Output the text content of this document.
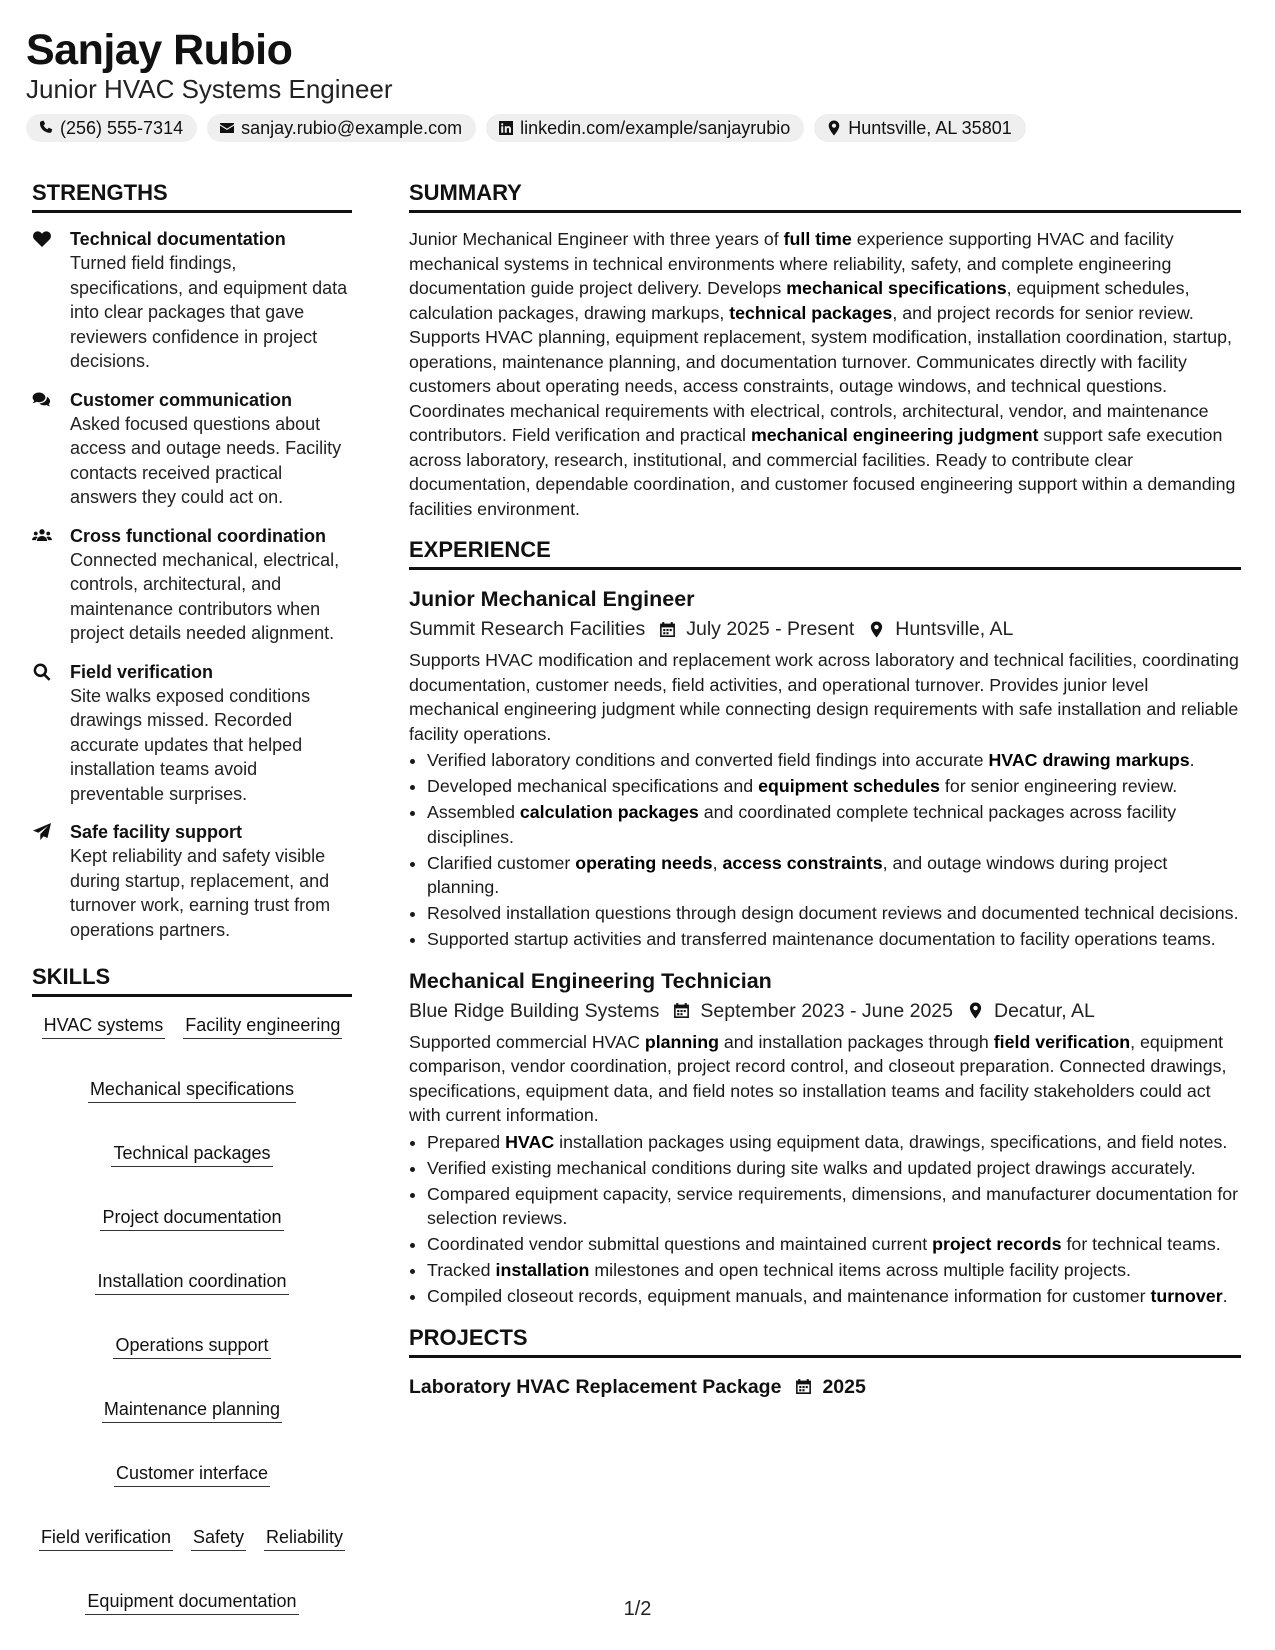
Sanjay Rubio
Junior HVAC Systems Engineer
(256) 555-7314	sanjay.rubio@example.com	linkedin.com/example/sanjayrubio	Huntsville, AL 35801
STRENGTHS
Technical documentation
Turned field findings, specifications, and equipment data into clear packages that gave reviewers confidence in project decisions.
Customer communication
Asked focused questions about access and outage needs. Facility contacts received practical answers they could act on.
Cross functional coordination
Connected mechanical, electrical, controls, architectural, and maintenance contributors when project details needed alignment.
Field verification
Site walks exposed conditions drawings missed. Recorded accurate updates that helped installation teams avoid preventable surprises.
Safe facility support
Kept reliability and safety visible during startup, replacement, and turnover work, earning trust from operations partners.
SKILLS
HVAC systems Facility engineering
Mechanical specifications
Technical packages
Project documentation
Installation coordination
Operations support
Maintenance planning
Customer interface
Field verification Safety Reliability
Equipment documentation
SUMMARY
Junior Mechanical Engineer with three years of full time experience supporting HVAC and facility mechanical systems in technical environments where reliability, safety, and complete engineering documentation guide project delivery. Develops mechanical specifications, equipment schedules, calculation packages, drawing markups, technical packages, and project records for senior review. Supports HVAC planning, equipment replacement, system modification, installation coordination, startup, operations, maintenance planning, and documentation turnover. Communicates directly with facility customers about operating needs, access constraints, outage windows, and technical questions. Coordinates mechanical requirements with electrical, controls, architectural, vendor, and maintenance contributors. Field verification and practical mechanical engineering judgment support safe execution across laboratory, research, institutional, and commercial facilities. Ready to contribute clear documentation, dependable coordination, and customer focused engineering support within a demanding facilities environment.
EXPERIENCE
Junior Mechanical Engineer
Summit Research Facilities July 2025 - Present Huntsville, AL
Supports HVAC modification and replacement work across laboratory and technical facilities, coordinating documentation, customer needs, field activities, and operational turnover. Provides junior level mechanical engineering judgment while connecting design requirements with safe installation and reliable facility operations.
• Verified laboratory conditions and converted field findings into accurate HVAC drawing markups.
• Developed mechanical specifications and equipment schedules for senior engineering review.
• Assembled calculation packages and coordinated complete technical packages across facility disciplines.
• Clarified customer operating needs, access constraints, and outage windows during project planning.
• Resolved installation questions through design document reviews and documented technical decisions.
• Supported startup activities and transferred maintenance documentation to facility operations teams.
Mechanical Engineering Technician
Blue Ridge Building Systems September 2023 - June 2025 Decatur, AL
Supported commercial HVAC planning and installation packages through field verification, equipment comparison, vendor coordination, project record control, and closeout preparation. Connected drawings, specifications, equipment data, and field notes so installation teams and facility stakeholders could act with current information.
• Prepared HVAC installation packages using equipment data, drawings, specifications, and field notes.
• Verified existing mechanical conditions during site walks and updated project drawings accurately.
• Compared equipment capacity, service requirements, dimensions, and manufacturer documentation for selection reviews.
• Coordinated vendor submittal questions and maintained current project records for technical teams.
• Tracked installation milestones and open technical items across multiple facility projects.
• Compiled closeout records, equipment manuals, and maintenance information for customer turnover.
PROJECTS
Laboratory HVAC Replacement Package 2025
1/2
